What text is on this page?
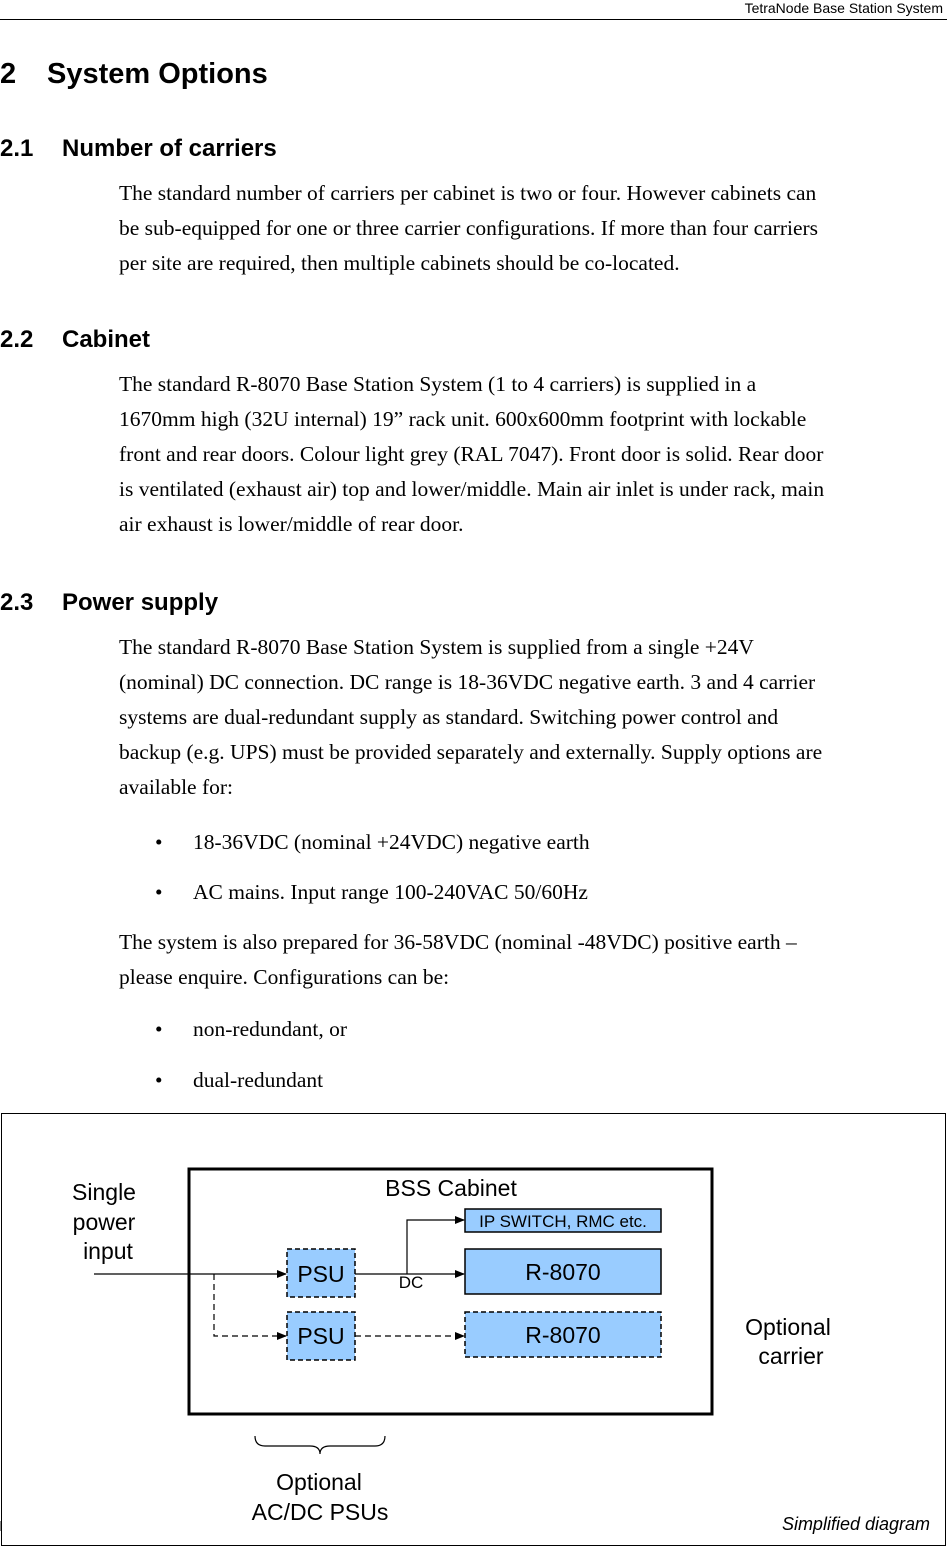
TetraNode Base Station System
2 System Options
2.1 Number of carriers
The standard number of carriers per cabinet is two or four. However cabinets can
be sub-equipped for one or three carrier configurations. If more than four carriers
per site are required, then multiple cabinets should be co-located.
2.2 Cabinet
The standard R-8070 Base Station System (1 to 4 carriers) is supplied in a
1670mm high (32U internal) 19” rack unit. 600x600mm footprint with lockable
front and rear doors. Colour light grey (RAL 7047). Front door is solid. Rear door
is ventilated (exhaust air) top and lower/middle. Main air inlet is under rack, main
air exhaust is lower/middle of rear door.
2.3 Power supply
The standard R-8070 Base Station System is supplied from a single +24V
(nominal) DC connection. DC range is 18-36VDC negative earth. 3 and 4 carrier
systems are dual-redundant supply as standard. Switching power control and
backup (e.g. UPS) must be provided separately and externally. Supply options are
available for:
• 18-36VDC (nominal +24VDC) negative earth
• AC mains. Input range 100-240VAC 50/60Hz
The system is also prepared for 36-58VDC (nominal -48VDC) positive earth –
please enquire. Configurations can be:
• non-redundant, or
• dual-redundant
BSS Cabinet
Single
power
input
PSU
PSU
DC
IP SWITCH, RMC etc.
R-8070
R-8070	Optional
carrier
Optional
AC/DC PSUs	Simplified diagram
